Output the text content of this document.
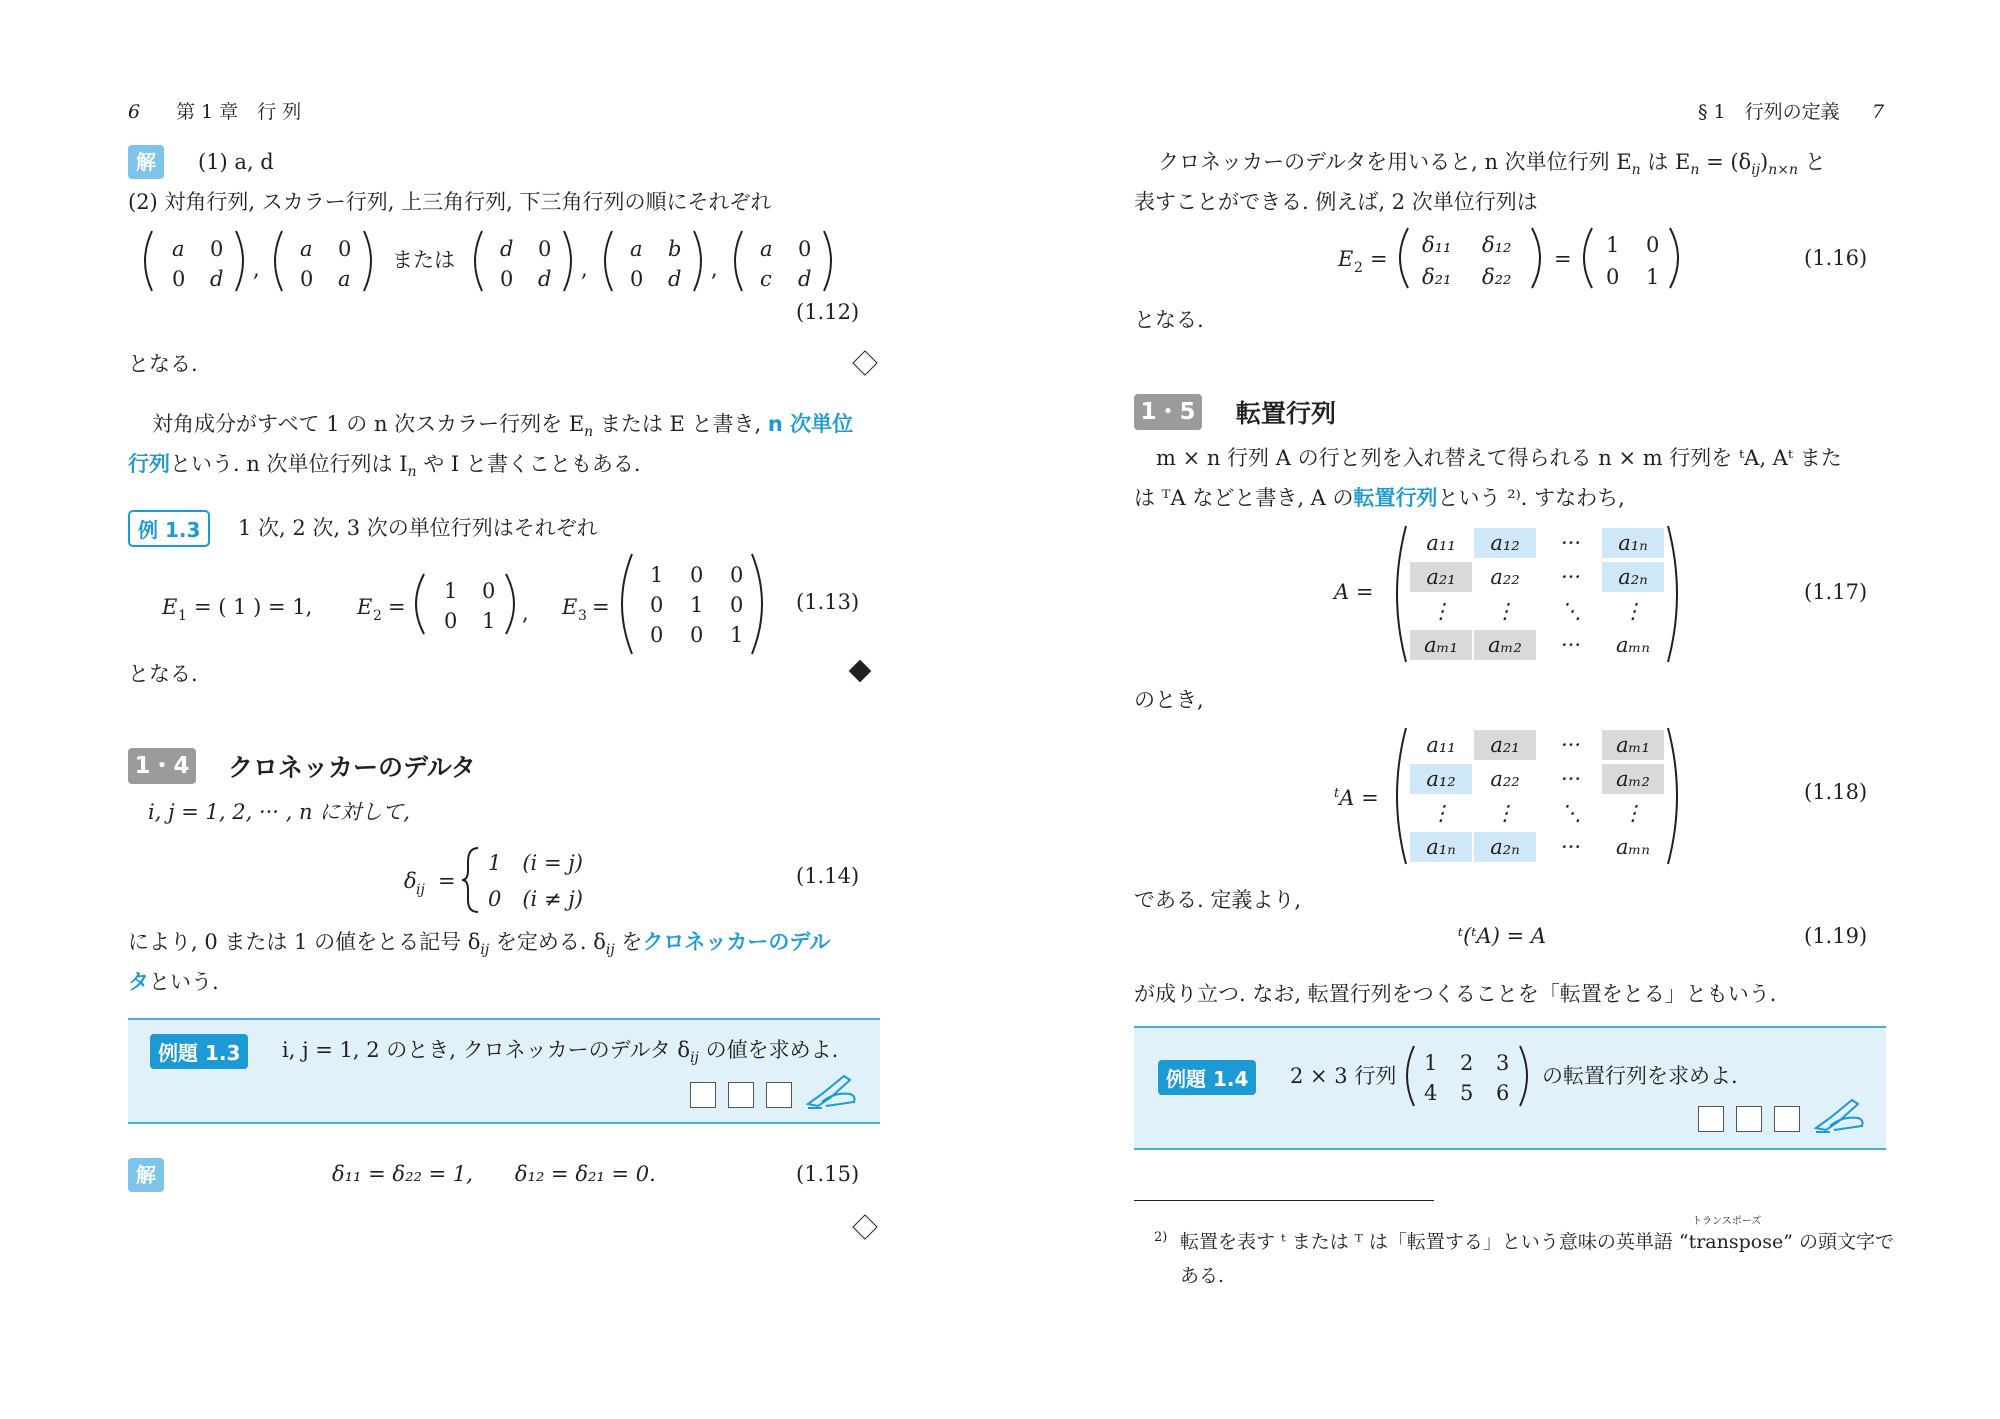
6 第 1 章　行 列
解	(1) a, d
(2) 対角行列, スカラー行列, 上三角行列, 下三角行列の順にそれぞれ
a 0
0 d ,
a 0
0 a
d 0
0 d ,
a b
0 d ,
a 0
c d
または
(1.12)
となる.
対角成分がすべて 1 の n 次スカラー行列を $E_n$ または E と書き, n 次単位
行列という. n 次単位行列は $I_n$ や I と書くこともある.
例 1.3	1 次, 2 次, 3 次の単位行列はそれぞれ
E 1 = ( 1 ) = 1, E 2 =
1 0
0 1 , E 3 =
1 0 0
0 1 0
0 0 1
(1.13)
となる.
1・4 クロネッカーのデルタ
i, j = 1, 2, ··· , n に対して,
δ ij =
1　(i = j)
0　(i ≠ j)
(1.14)
により, 0 または 1 の値をとる記号 $\delta_{ij}$ を定める. $\delta_{ij}$ をクロネッカーのデル
タという.
例題 1.3	i, j = 1, 2 のとき, クロネッカーのデルタ $\delta_{ij}$ の値を求めよ.
解	δ₁₁ = δ₂₂ = 1,　　δ₁₂ = δ₂₁ = 0.	(1.15)
§ 1　行列の定義 7
クロネッカーのデルタを用いると, n 次単位行列 $E_n$ は $E_n = (\delta_{ij})_{n\times n}$ と
表すことができる. 例えば, 2 次単位行列は
E 2 =
δ₁₁ δ₁₂
δ₂₁ δ₂₂
=
1 0
0 1
(1.16)
となる.
1・5 転置行列
m × n 行列 A の行と列を入れ替えて得られる n × m 行列を ᵗA, Aᵗ また
は ᵀA などと書き, A の転置行列という ²⁾. すなわち,
A =
a₁₁	a₁₂	···	a₁ₙ
a₂₁	a₂₂	···	a₂ₙ
⋮	⋮	⋱	⋮
aₘ₁	aₘ₂	···	aₘₙ
(1.17)
のとき,
$^t$A =
a₁₁	a₂₁	···	aₘ₁
a₁₂	a₂₂	···	aₘ₂
⋮	⋮	⋱	⋮
a₁ₙ	a₂ₙ	···	aₘₙ
(1.18)
である. 定義より,
ᵗ(ᵗA) = A	(1.19)
が成り立つ. なお, 転置行列をつくることを「転置をとる」ともいう.
例題 1.4	2 × 3 行列
1 2 3
4 5 6
の転置行列を求めよ.
$^{2)}$
トランスポーズ
転置を表す ᵗ または ᵀ は「転置する」という意味の英単語 “transpose” の頭文字で
ある.
